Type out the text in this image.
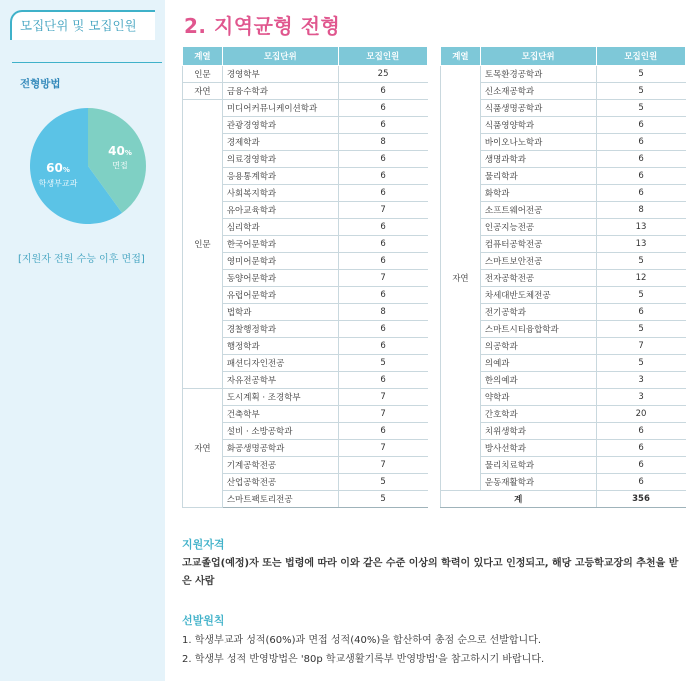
모집단위 및 모집인원
전형방법
60%
학생부교과
40%
면접
[지원자 전원 수능 이후 면접]
2. 지역균형 전형
계열	모집단위	모집인원
인문	경영학부	25
자연	금융수학과	6
인문	미디어커뮤니케이션학과	6
	관광경영학과	6
	경제학과	8
	의료경영학과	6
	응용통계학과	6
	사회복지학과	6
	유아교육학과	7
	심리학과	6
	한국어문학과	6
	영미어문학과	6
	동양어문학과	7
	유럽어문학과	6
	법학과	8
	경찰행정학과	6
	행정학과	6
	패션디자인전공	5
	자유전공학부	6
자연	도시계획 · 조경학부	7
	건축학부	7
	설비 · 소방공학과	6
	화공생명공학과	7
	기계공학전공	7
	산업공학전공	5
	스마트팩토리전공	5
계열	모집단위	모집인원
자연	토목환경공학과	5
	신소재공학과	5
	식품생명공학과	5
	식품영양학과	6
	바이오나노학과	6
	생명과학과	6
	물리학과	6
	화학과	6
	소프트웨어전공	8
	인공지능전공	13
	컴퓨터공학전공	13
	스마트보안전공	5
	전자공학전공	12
	차세대반도체전공	5
	전기공학과	6
	스마트시티융합학과	5
	의공학과	7
	의예과	5
	한의예과	3
	약학과	3
	간호학과	20
	치위생학과	6
	방사선학과	6
	물리치료학과	6
	운동재활학과	6
계		356
지원자격
고교졸업(예정)자 또는 법령에 따라 이와 같은 수준 이상의 학력이 있다고 인정되고, 해당 고등학교장의 추천을 받은 사람
선발원칙
1. 학생부교과 성적(60%)과 면접 성적(40%)을 합산하여 총점 순으로 선발합니다.
2. 학생부 성적 반영방법은 '80p 학교생활기록부 반영방법'을 참고하시기 바랍니다.
